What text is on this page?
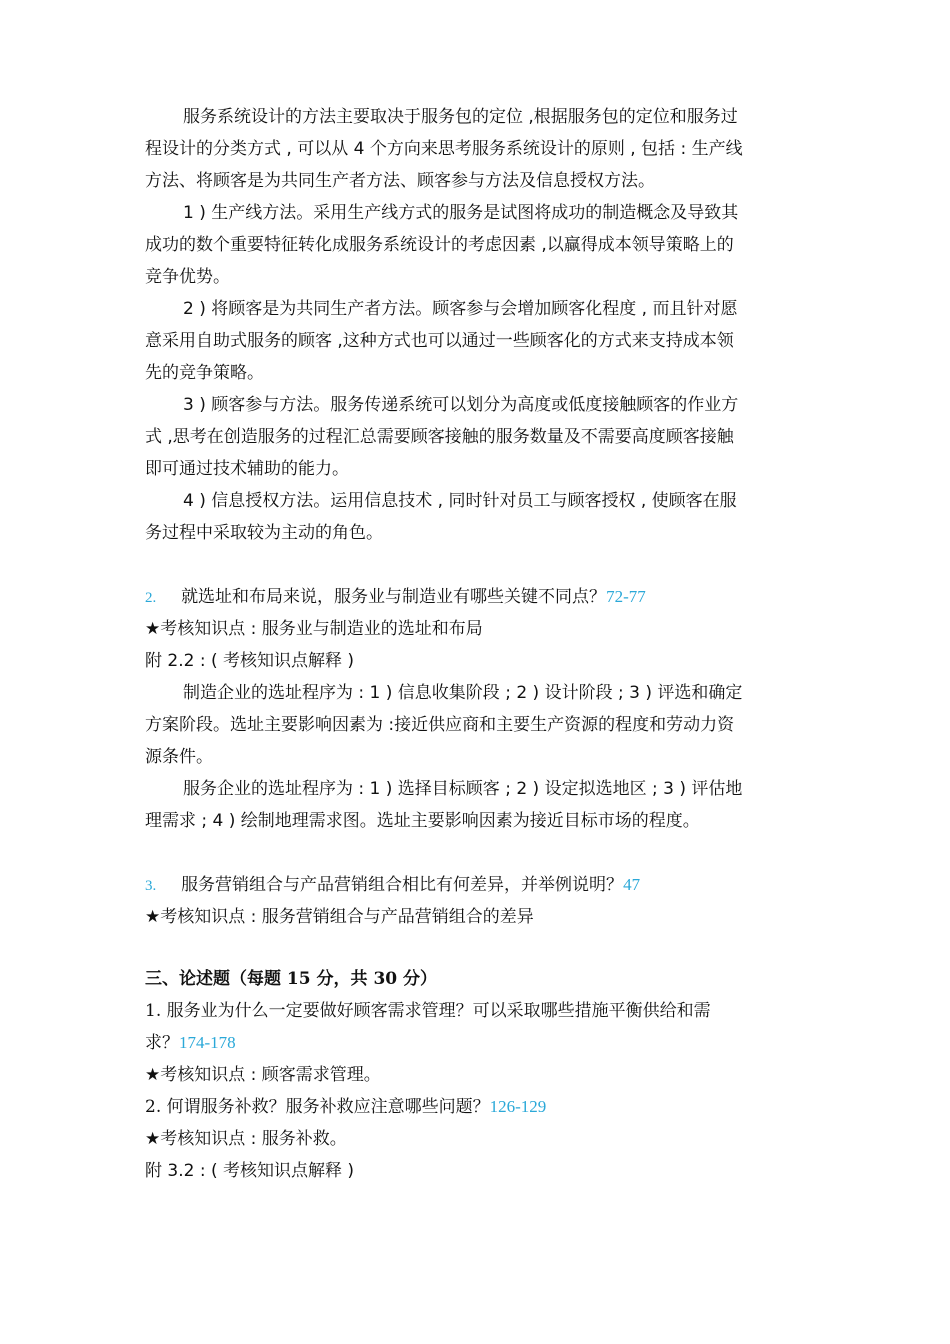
服务系统设计的方法主要取决于服务包的定位 ,根据服务包的定位和服务过
程设计的分类方式 , 可以从 4 个方向来思考服务系统设计的原则 , 包括 : 生产线
方法、将顾客是为共同生产者方法、顾客参与方法及信息授权方法。
1 ) 生产线方法。采用生产线方式的服务是试图将成功的制造概念及导致其
成功的数个重要特征转化成服务系统设计的考虑因素 ,以赢得成本领导策略上的
竞争优势。
2 ) 将顾客是为共同生产者方法。顾客参与会增加顾客化程度 , 而且针对愿
意采用自助式服务的顾客 ,这种方式也可以通过一些顾客化的方式来支持成本领
先的竞争策略。
3 ) 顾客参与方法。服务传递系统可以划分为高度或低度接触顾客的作业方
式 ,思考在创造服务的过程汇总需要顾客接触的服务数量及不需要高度顾客接触
即可通过技术辅助的能力。
4 ) 信息授权方法。运用信息技术 , 同时针对员工与顾客授权 , 使顾客在服
务过程中采取较为主动的角色。
2. 就选址和布局来说，服务业与制造业有哪些关键不同点？72-77
★考核知识点 : 服务业与制造业的选址和布局
附 2.2 : ( 考核知识点解释 )
制造企业的选址程序为 : 1 ) 信息收集阶段 ; 2 ) 设计阶段 ; 3 ) 评选和确定
方案阶段。选址主要影响因素为 :接近供应商和主要生产资源的程度和劳动力资
源条件。
服务企业的选址程序为 : 1 ) 选择目标顾客 ; 2 ) 设定拟选地区 ; 3 ) 评估地
理需求 ; 4 ) 绘制地理需求图。选址主要影响因素为接近目标市场的程度。
3. 服务营销组合与产品营销组合相比有何差异，并举例说明？47
★考核知识点 : 服务营销组合与产品营销组合的差异
三、论述题（每题 15 分，共 30 分）
1. 服务业为什么一定要做好顾客需求管理？可以采取哪些措施平衡供给和需
求？174-178
★考核知识点 : 顾客需求管理。
2. 何谓服务补救？服务补救应注意哪些问题？126-129
★考核知识点 : 服务补救。
附 3.2 : ( 考核知识点解释 )
